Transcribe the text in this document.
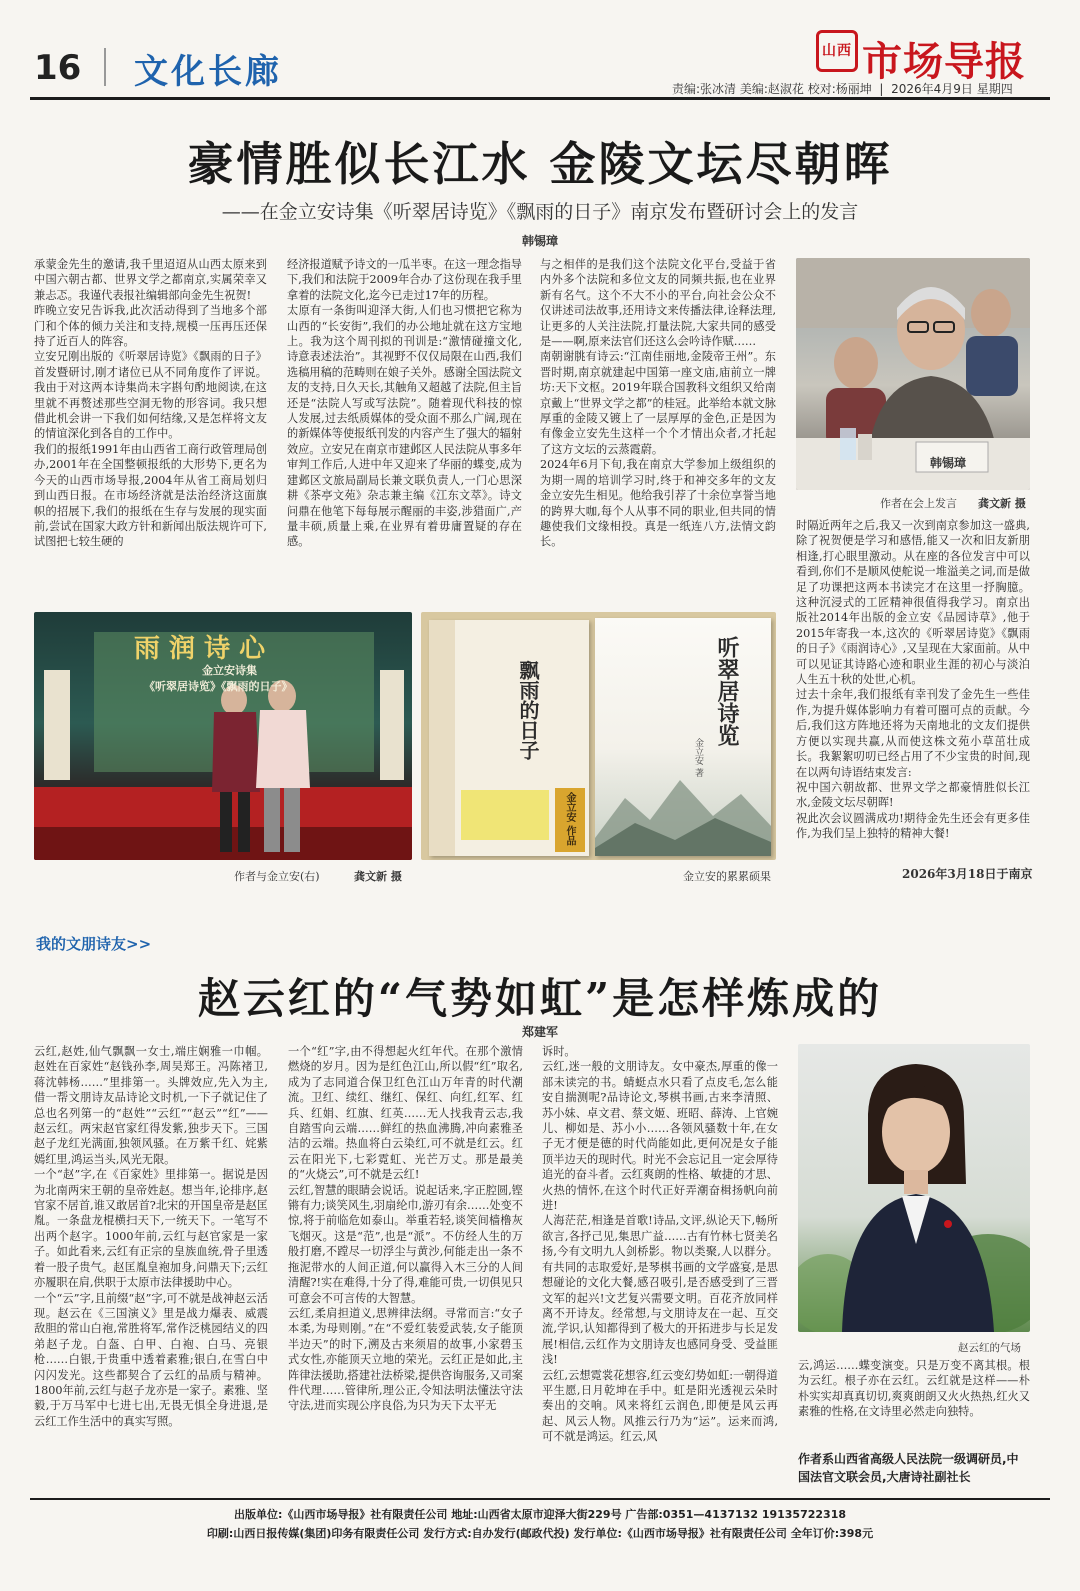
16 文化长廊
山西 市场导报
责编:张冰清 美编:赵淑花 校对:杨丽坤  |  2026年4月9日 星期四
豪情胜似长江水 金陵文坛尽朝晖
——在金立安诗集《听翠居诗览》《飘雨的日子》南京发布暨研讨会上的发言
韩锡璋
承蒙金先生的邀请,我千里迢迢从山西太原来到中国六朝古都、世界文学之都南京,实属荣幸又兼忐忑。我谨代表报社编辑部向金先生祝贺!
昨晚立安兄告诉我,此次活动得到了当地多个部门和个体的倾力关注和支持,规模一压再压还保持了近百人的阵容。
立安兄刚出版的《听翠居诗览》《飘雨的日子》首发暨研讨,刚才诸位已从不同角度作了评说。我由于对这两本诗集尚未字斟句酌地阅读,在这里就不再赘述那些空洞无物的形容词。我只想借此机会讲一下我们如何结缘,又是怎样将文友的情谊深化到各自的工作中。
我们的报纸1991年由山西省工商行政管理局创办,2001年在全国整顿报纸的大形势下,更名为今天的山西市场导报,2004年从省工商局划归到山西日报。在市场经济就是法治经济这面旗帜的招展下,我们的报纸在生存与发展的现实面前,尝试在国家大政方针和新闻出版法规许可下,试图把七较生硬的
经济报道赋予诗文的一瓜半枣。在这一理念指导下,我们和法院于2009年合办了这份现在我手里拿着的法院文化,迄今已走过17年的历程。
太原有一条街叫迎泽大街,人们也习惯把它称为山西的“长安街”,我们的办公地址就在这方宝地上。我为这个周刊拟的刊训是:“激情碰撞文化,诗意表述法治”。其视野不仅仅局限在山西,我们选稿用稿的范畴则在娘子关外。感谢全国法院文友的支持,日久天长,其触角又超越了法院,但主旨还是“法院人写或写法院”。随着现代科技的惊人发展,过去纸质媒体的受众面不那么广阔,现在的新媒体等使报纸刊发的内容产生了强大的辐射效应。立安兄在南京市建邺区人民法院从事多年审判工作后,人进中年又迎来了华丽的蝶变,成为建邺区文旅局副局长兼文联负责人,一门心思深耕《茶亭文苑》杂志兼主编《江东文萃》。诗文问鼎在他笔下每每展示醒丽的丰姿,涉猎面广,产量丰硕,质量上乘,在业界有着毋庸置疑的存在感。
与之相伴的是我们这个法院文化平台,受益于省内外多个法院和多位文友的同频共振,也在业界新有名气。这个不大不小的平台,向社会公众不仅讲述司法故事,还用诗文来传播法律,诠释法理,让更多的人关注法院,打量法院,大家共同的感受是——啊,原来法官们还这么会吟诗作赋……
南朝谢朓有诗云:“江南佳丽地,金陵帝王州”。东晋时期,南京就建起中国第一座文庙,庙前立一牌坊:天下文枢。2019年联合国教科文组织又给南京戴上“世界文学之都”的桂冠。此举给本就文脉厚重的金陵又镀上了一层厚厚的金色,正是因为有像金立安先生这样一个个才情出众者,才托起了这方文坛的云蒸霞蔚。
2024年6月下旬,我在南京大学参加上级组织的为期一周的培训学习时,终于和神交多年的文友金立安先生相见。他给我引荐了十余位享誉当地的跨界大咖,每个人从事不同的职业,但共同的情趣使我们文缘相投。真是一纸连八方,法情文韵长。
韩锡璋
作者在会上发言 龚文新 摄
时隔近两年之后,我又一次到南京参加这一盛典,除了祝贺便是学习和感悟,能又一次和旧友新朋相逢,打心眼里激动。从在座的各位发言中可以看到,你们不是顺风使舵说一堆溢美之词,而是做足了功课把这两本书读完才在这里一抒胸臆。这种沉浸式的工匠精神很值得我学习。南京出版社2014年出版的金立安《品园诗草》,他于2015年寄我一本,这次的《听翠居诗览》《飘雨的日子》《雨润诗心》,又呈现在大家面前。从中可以见证其诗路心迹和职业生涯的初心与淡泊人生五十秋的处世,心机。
过去十余年,我们报纸有幸刊发了金先生一些佳作,为提升媒体影响力有着可圈可点的贡献。今后,我们这方阵地还将为天南地北的文友们提供方便以实现共赢,从而使这株文苑小草茁壮成长。我絮絮叨叨已经占用了不少宝贵的时间,现在以两句诗语结束发言:
祝中国六朝故都、世界文学之都豪情胜似长江水,金陵文坛尽朝晖!
祝此次会议圆满成功!期待金先生还会有更多佳作,为我们呈上独特的精神大餐!
2026年3月18日于南京
雨 润 诗 心
金立安诗集
《听翠居诗览》《飘雨的日子》
作者与金立安(右)	龚文新 摄
飘雨的日子
金立安 作品
听翠居诗览
金立安 著
金立安的累累硕果
我的文朋诗友>>
赵云红的“气势如虹”是怎样炼成的
郑建军
云红,赵姓,仙气飘飘一女士,端庄娴雅一巾帼。赵姓在百家姓“赵钱孙李,周吴郑王。冯陈褚卫,蒋沈韩杨……”里排第一。头牌效应,先入为主,借一帮文朋诗友品诗论文时机,一下子就记住了总也名列第一的“赵姓”“云红”“赵云”“红”——赵云红。两宋赵官家红得发紫,独步天下。三国赵子龙红光满面,独领风骚。在万紫千红、姹紫嫣红里,鸿运当头,风光无限。
一个“赵”字,在《百家姓》里排第一。据说是因为北南两宋王朝的皇帝姓赵。想当年,论排序,赵官家不居首,谁又敢居首?北宋的开国皇帝是赵匡胤。一条盘龙棍横扫天下,一统天下。一笔写不出两个赵字。1000年前,云红与赵官家是一家子。如此看来,云红有正宗的皇族血统,骨子里透着一股子贵气。赵匡胤皇袍加身,问鼎天下;云红亦履职在肩,供职于太原市法律援助中心。
一个“云”字,且前缀“赵”字,可不就是战神赵云活现。赵云在《三国演义》里是战力爆表、威震敌胆的常山白袍,常胜将军,常作泛桃园结义的四弟赵子龙。白盔、白甲、白袍、白马、亮银枪……白银,于贵重中透着素雅;银白,在雪白中闪闪发光。这些都契合了云红的品质与精神。1800年前,云红与赵子龙亦是一家子。素雅、坚毅,于万马军中七进七出,无畏无惧全身进退,是云红工作生活中的真实写照。
一个“红”字,由不得想起火红年代。在那个激情燃烧的岁月。因为是红色江山,所以假“红”取名,成为了志同道合保卫红色江山万年青的时代潮流。卫红、续红、继红、保红、向红,红军、红兵、红娟、红旗、红英……无人找我青云志,我自踏雪向云端……鲜红的热血沸腾,冲向素雅圣洁的云端。热血将白云染红,可不就是红云。红云在阳光下,七彩霓虹、光芒万丈。那是最美的“火烧云”,可不就是云红!
云红,智慧的眼睛会说话。说起话来,字正腔圆,铿锵有力;谈笑风生,羽扇纶巾,游刃有余……处变不惊,将于前临危如泰山。举重若轻,谈笑间樯橹灰飞烟灭。这是“范”,也是“派”。不仿经人生的万般打磨,不蹚尽一切浮尘与黄沙,何能走出一条不拖泥带水的人间正道,何以赢得入木三分的人间清醒?!实在难得,十分了得,难能可贵,一切俱见只可意会不可言传的大智慧。
云红,柔肩担道义,思辨律法纲。寻常而言:“女子本柔,为母则刚。”在“不爱红装爱武装,女子能顶半边天”的时下,溯及古来须眉的故事,小家碧玉式女性,亦能顶天立地的荣光。云红正是如此,主阵律法援助,搭建社法桥梁,提供咨询服务,又司案件代理……管律所,理公正,令知法明法懂法守法守法,进而实现公序良俗,为只为天下太平无
诉时。
云红,迷一般的文朋诗友。女中豪杰,厚重的像一部未读完的书。蜻蜓点水只看了点皮毛,怎么能安自揣测呢?品诗论文,琴棋书画,古来李清照、苏小妹、卓文君、蔡文姬、班昭、薛涛、上官婉儿、柳如是、苏小小……各领风骚数十年,在女子无才便是德的时代尚能如此,更何况是女子能顶半边天的现时代。时光不会忘记且一定会厚待追光的奋斗者。云红爽朗的性格、敏捷的才思、火热的情怀,在这个时代正好弄潮奋楫扬帆向前进!
人海茫茫,相逢是首歌!诗品,文评,纵论天下,畅所欲言,各抒己见,集思广益……古有竹林七贤美名扬,今有文明九人剑桥影。物以类聚,人以群分。有共同的志取爱好,是琴棋书画的文学盛宴,是思想碰论的文化大餐,感召吸引,是否感受到了三晋文军的起兴!文艺复兴需要文明。百花齐放同样离不开诗友。经常想,与文朋诗友在一起、互交流,学识,认知都得到了极大的开拓进步与长足发展!相信,云红作为文朋诗友也感同身受、受益匪浅!
云红,云想霓裳花想容,红云变幻势如虹:一朝得道平生愿,日月乾坤在手中。虹是阳光透视云朵时奏出的交响。风来将红云润色,即便是风云再起、风云人物。风推云行乃为“运”。运来而鸿,可不就是鸿运。红云,风
赵云红的气场
云,鸿运……蝶变演变。只是万变不离其根。根为云红。根子亦在云红。云红就是这样——朴朴实实却真真切切,爽爽朗朗又火火热热,红火又素雅的性格,在文诗里必然走向独特。
作者系山西省高级人民法院一级调研员,中国法官文联会员,大唐诗社副社长
出版单位:《山西市场导报》社有限责任公司 地址:山西省太原市迎泽大街229号 广告部:0351—4137132 19135722318
印刷:山西日报传媒(集团)印务有限责任公司 发行方式:自办发行(邮政代投) 发行单位:《山西市场导报》社有限责任公司 全年订价:398元
